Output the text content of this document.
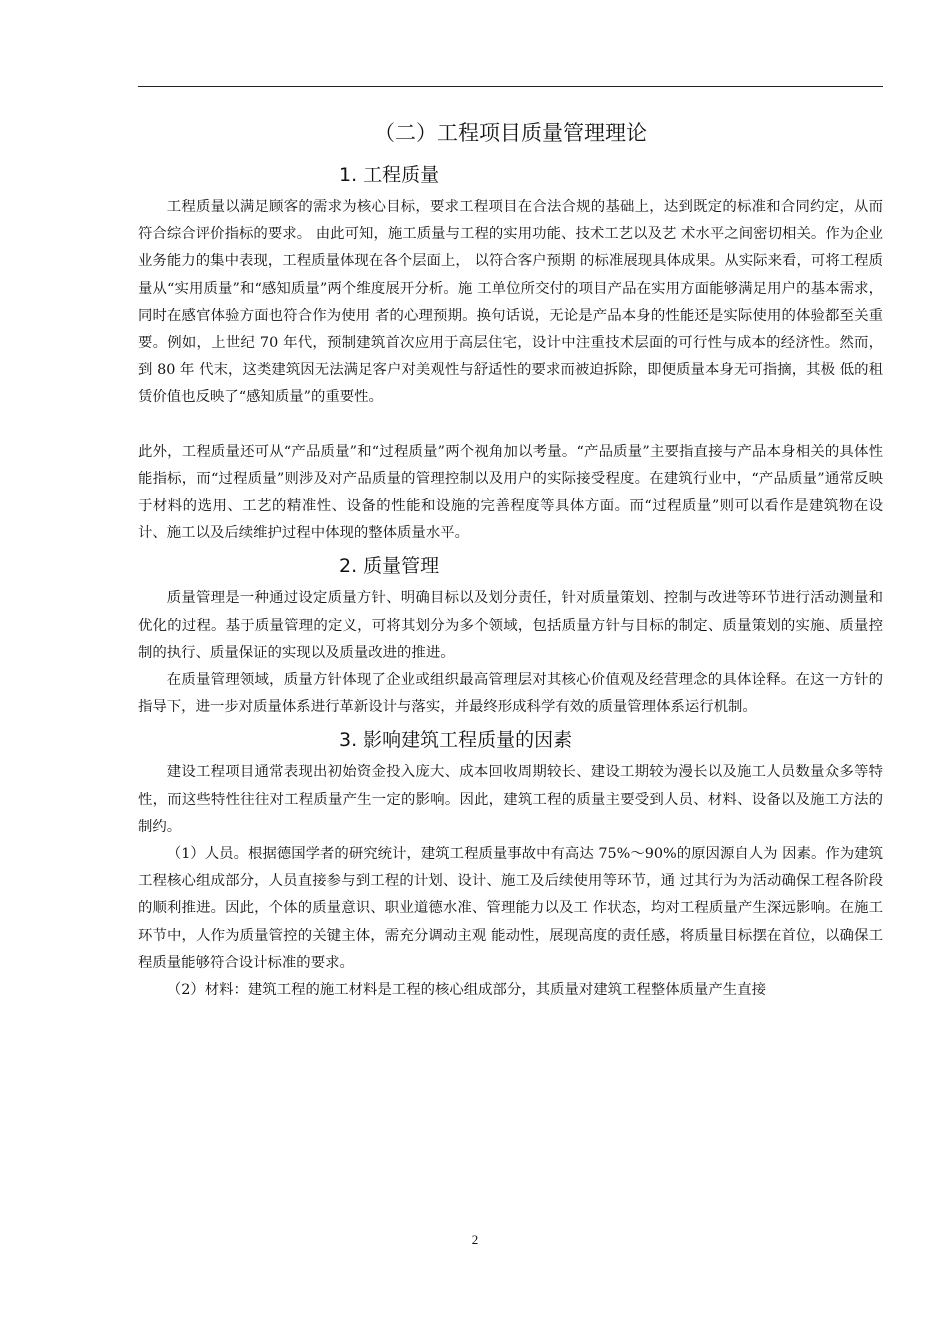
（二）工程项目质量管理理论
1. 工程质量

工程质量以满足顾客的需求为核心目标，要求工程项目在合法合规的基础上，达到既定的标准和合同约定，从而符合综合评价指标的要求。 由此可知，施工质量与工程的实用功能、技术工艺以及艺 术水平之间密切相关。作为企业业务能力的集中表现，工程质量体现在各个层面上， 以符合客户预期 的标准展现具体成果。从实际来看，可将工程质量从“实用质量”和“感知质量”两个维度展开分析。施 工单位所交付的项目产品在实用方面能够满足用户的基本需求，同时在感官体验方面也符合作为使用 者的心理预期。换句话说，无论是产品本身的性能还是实际使用的体验都至关重要。例如，上世纪 70 年代，预制建筑首次应用于高层住宅，设计中注重技术层面的可行性与成本的经济性。然而，到 80 年 代末，这类建筑因无法满足客户对美观性与舒适性的要求而被迫拆除，即便质量本身无可指摘，其极 低的租赁价值也反映了“感知质量”的重要性。

此外，工程质量还可从“产品质量”和“过程质量”两个视角加以考量。“产品质量”主要指直接与产品本身相关的具体性能指标，而“过程质量”则涉及对产品质量的管理控制以及用户的实际接受程度。在建筑行业中，“产品质量”通常反映于材料的选用、工艺的精准性、设备的性能和设施的完善程度等具体方面。而“过程质量”则可以看作是建筑物在设计、施工以及后续维护过程中体现的整体质量水平。

2. 质量管理

质量管理是一种通过设定质量方针、明确目标以及划分责任，针对质量策划、控制与改进等环节进行活动测量和优化的过程。基于质量管理的定义，可将其划分为多个领域，包括质量方针与目标的制定、质量策划的实施、质量控制的执行、质量保证的实现以及质量改进的推进。

在质量管理领域，质量方针体现了企业或组织最高管理层对其核心价值观及经营理念的具体诠释。在这一方针的指导下，进一步对质量体系进行革新设计与落实，并最终形成科学有效的质量管理体系运行机制。

3. 影响建筑工程质量的因素

建设工程项目通常表现出初始资金投入庞大、成本回收周期较长、建设工期较为漫长以及施工人员数量众多等特性，而这些特性往往对工程质量产生一定的影响。因此，建筑工程的质量主要受到人员、材料、设备以及施工方法的制约。

（1）人员。根据德国学者的研究统计，建筑工程质量事故中有高达 75%～90%的原因源自人为 因素。作为建筑工程核心组成部分，人员直接参与到工程的计划、设计、施工及后续使用等环节，通 过其行为为活动确保工程各阶段的顺利推进。因此，个体的质量意识、职业道德水准、管理能力以及工 作状态，均对工程质量产生深远影响。在施工环节中，人作为质量管控的关键主体，需充分调动主观 能动性，展现高度的责任感，将质量目标摆在首位，以确保工程质量能够符合设计标准的要求。

（2）材料：建筑工程的施工材料是工程的核心组成部分，其质量对建筑工程整体质量产生直接

2
